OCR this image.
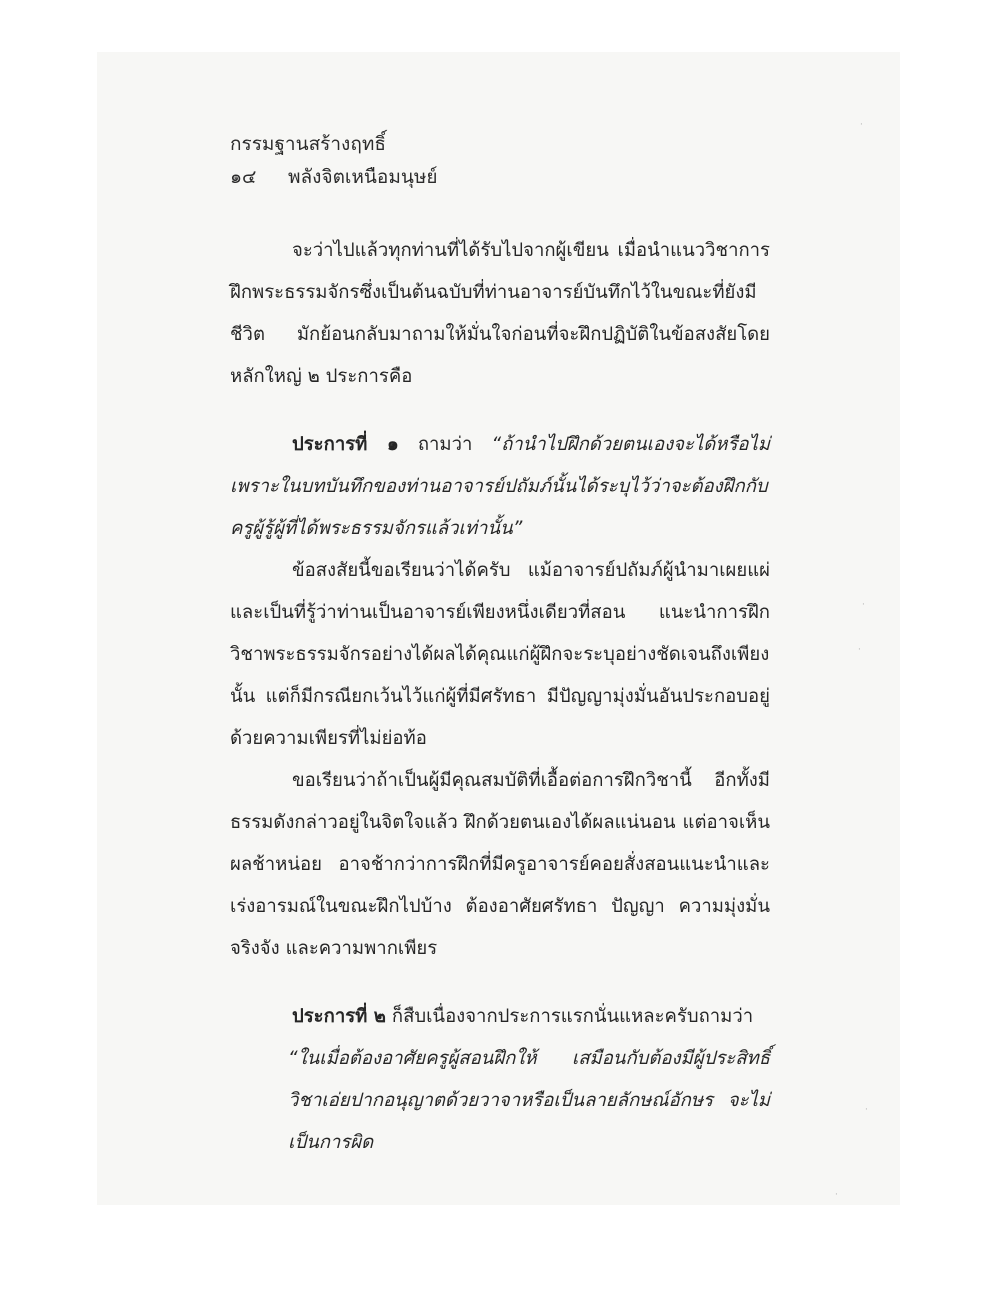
กรรมฐานสร้างฤทธิ์
๑๔	พลังจิตเหนือมนุษย์

จะว่าไปแล้วทุกท่านที่ได้รับไปจากผู้เขียน เมื่อนำแนววิชาการฝึกพระธรรมจักรซึ่งเป็นต้นฉบับที่ท่านอาจารย์บันทึกไว้ในขณะที่ยังมีชีวิต มักย้อนกลับมาถามให้มั่นใจก่อนที่จะฝึกปฏิบัติในข้อสงสัยโดยหลักใหญ่ ๒ ประการคือ

ประการที่ ๑ ถามว่า “ถ้านำไปฝึกด้วยตนเองจะได้หรือไม่เพราะในบทบันทึกของท่านอาจารย์ปถัมภ์นั้นได้ระบุไว้ว่าจะต้องฝึกกับครูผู้รู้ผู้ที่ได้พระธรรมจักรแล้วเท่านั้น”

ข้อสงสัยนี้ขอเรียนว่าได้ครับ แม้อาจารย์ปถัมภ์ผู้นำมาเผยแผ่และเป็นที่รู้ว่าท่านเป็นอาจารย์เพียงหนึ่งเดียวที่สอน แนะนำการฝึกวิชาพระธรรมจักรอย่างได้ผลได้คุณแก่ผู้ฝึกจะระบุอย่างชัดเจนถึงเพียงนั้น แต่ก็มีกรณียกเว้นไว้แก่ผู้ที่มีศรัทธา มีปัญญามุ่งมั่นอันประกอบอยู่ด้วยความเพียรที่ไม่ย่อท้อ

ขอเรียนว่าถ้าเป็นผู้มีคุณสมบัติที่เอื้อต่อการฝึกวิชานี้ อีกทั้งมีธรรมดังกล่าวอยู่ในจิตใจแล้ว ฝึกด้วยตนเองได้ผลแน่นอน แต่อาจเห็นผลช้าหน่อย อาจช้ากว่าการฝึกที่มีครูอาจารย์คอยสั่งสอนแนะนำและเร่งอารมณ์ในขณะฝึกไปบ้าง ต้องอาศัยศรัทธา ปัญญา ความมุ่งมั่นจริงจัง และความพากเพียร

ประการที่ ๒ ก็สืบเนื่องจากประการแรกนั่นแหละครับถามว่า

“ในเมื่อต้องอาศัยครูผู้สอนฝึกให้ เสมือนกับต้องมีผู้ประสิทธิ์วิชาเอ่ยปากอนุญาตด้วยวาจาหรือเป็นลายลักษณ์อักษร จะไม่เป็นการผิด

·
·
·
·
·
